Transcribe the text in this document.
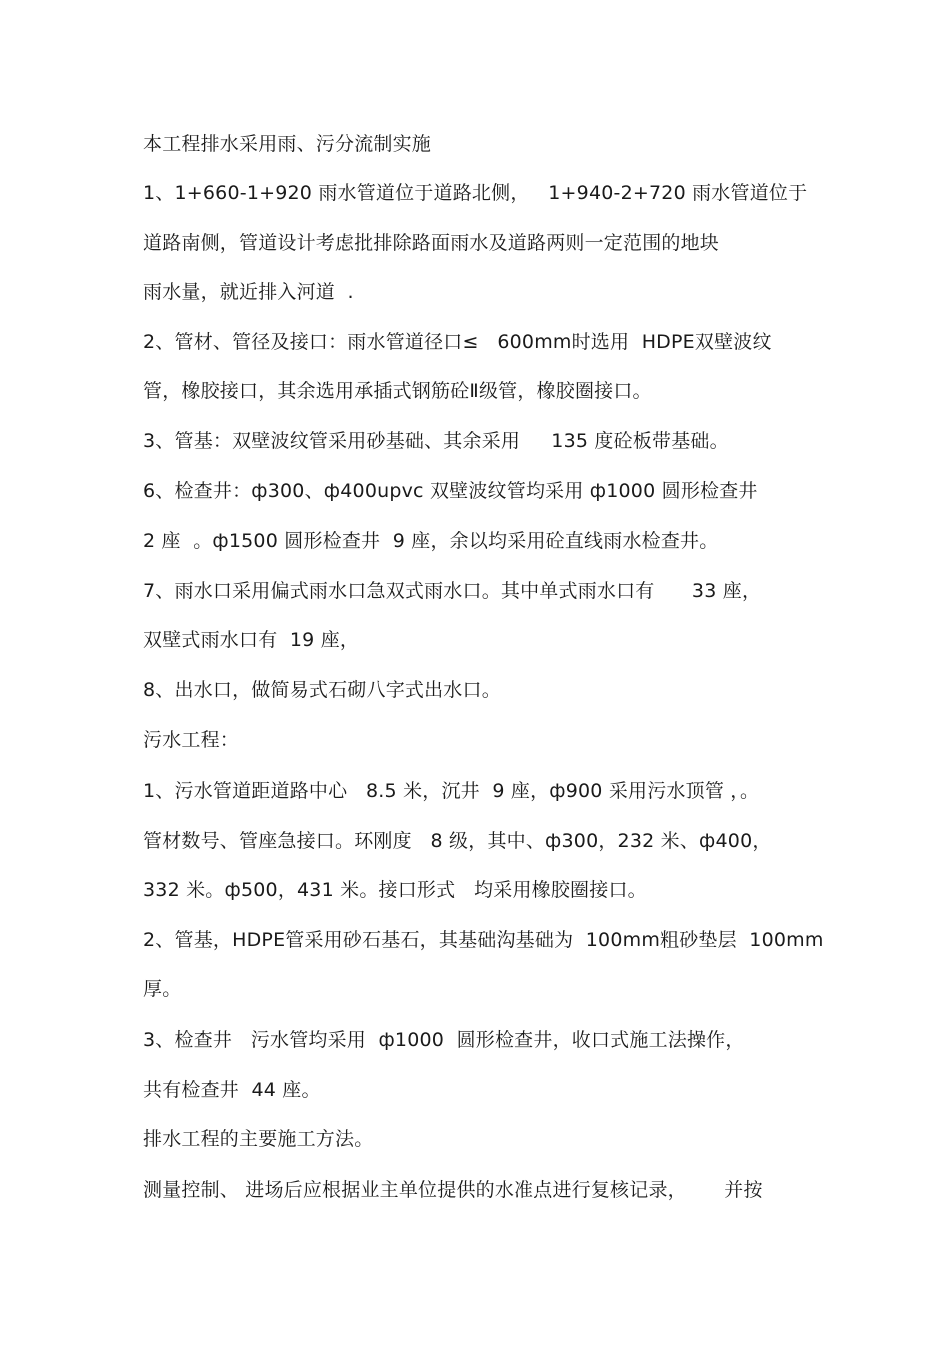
本工程排水采用雨、污分流制实施
1、1+660-1+920 雨水管道位于道路北侧，   1+940-2+720 雨水管道位于
道路南侧，管道设计考虑批排除路面雨水及道路两则一定范围的地块
雨水量，就近排入河道  .
2、管材、管径及接口：雨水管道径口≤   600mm时选用  HDPE双壁波纹
管，橡胶接口，其余选用承插式钢筋砼Ⅱ级管，橡胶圈接口。
3、管基：双壁波纹管采用砂基础、其余采用     135 度砼板带基础。
6、检查井：ф300、ф400upvc 双壁波纹管均采用 ф1000 圆形检查井
2 座  。ф1500 圆形检查井  9 座，余以均采用砼直线雨水检查井。
7、雨水口采用偏式雨水口急双式雨水口。其中单式雨水口有      33 座，
双壁式雨水口有  19 座，
8、出水口，做简易式石砌八字式出水口。
污水工程：
1、污水管道距道路中心   8.5 米，沉井  9 座，ф900 采用污水顶管 ，。
管材数号、管座急接口。环刚度   8 级，其中、ф300，232 米、ф400，
332 米。ф500，431 米。接口形式   均采用橡胶圈接口。
2、管基，HDPE管采用砂石基石，其基础沟基础为  100mm粗砂垫层  100mm
厚。
3、检查井   污水管均采用  ф1000  圆形检查井，收口式施工法操作，
共有检查井  44 座。
排水工程的主要施工方法。
测量控制、 进场后应根据业主单位提供的水准点进行复核记录，      并按
